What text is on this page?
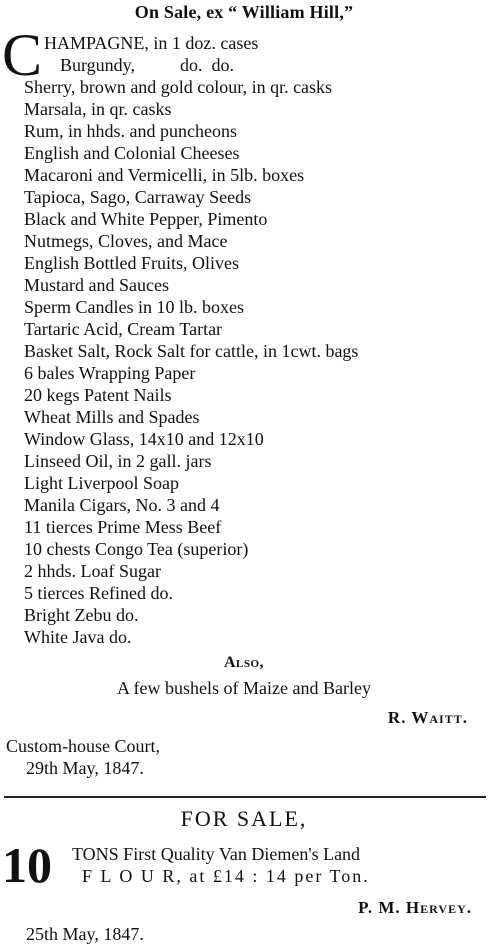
On Sale, ex “ William Hill,”
C HAMPAGNE, in 1 doz. cases
Burgundy,          do.  do.
Sherry, brown and gold colour, in qr. casks
Marsala, in qr. casks
Rum, in hhds. and puncheons
English and Colonial Cheeses
Macaroni and Vermicelli, in 5lb. boxes
Tapioca, Sago, Carraway Seeds
Black and White Pepper, Pimento
Nutmegs, Cloves, and Mace
English Bottled Fruits, Olives
Mustard and Sauces
Sperm Candles in 10 lb. boxes
Tartaric Acid, Cream Tartar
Basket Salt, Rock Salt for cattle, in 1cwt. bags
6 bales Wrapping Paper
20 kegs Patent Nails
Wheat Mills and Spades
Window Glass, 14x10 and 12x10
Linseed Oil, in 2 gall. jars
Light Liverpool Soap
Manila Cigars, No. 3 and 4
11 tierces Prime Mess Beef
10 chests Congo Tea (superior)
2 hhds. Loaf Sugar
5 tierces Refined do.
Bright Zebu do.
White Java do.
Also,
A few bushels of Maize and Barley
R. Waitt.
Custom-house Court,
29th May, 1847.
FOR SALE,
10 TONS First Quality Van Diemen's Land
F L O U R, at £14 : 14 per Ton.
P. M. Hervey.
25th May, 1847.
